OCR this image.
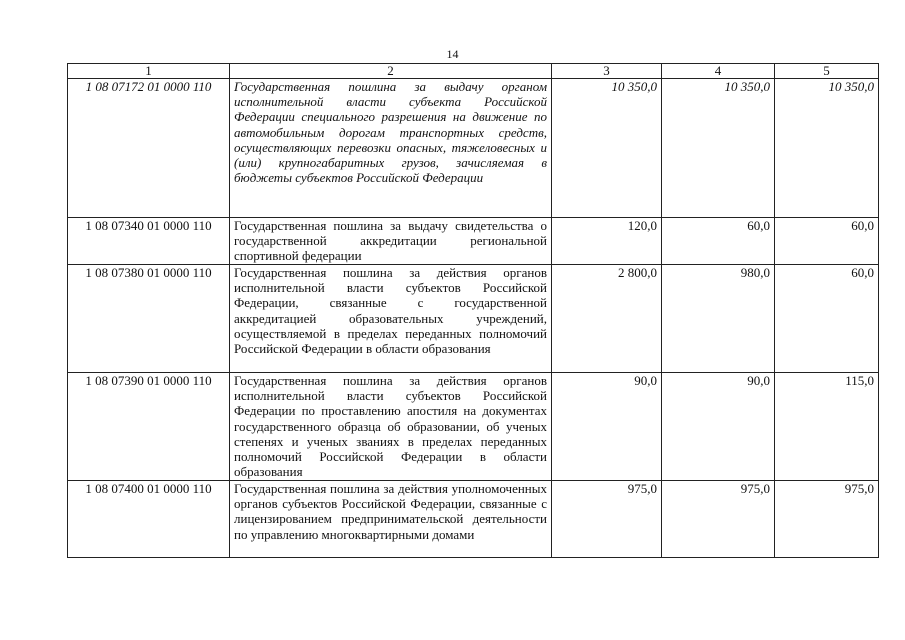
14
1	2	3	4	5
1 08 07172 01 0000 110	Государственная пошлина за выдачу органом исполнительной власти субъекта Российской Федерации специального разрешения на движение по автомобильным дорогам транспортных средств, осуществляющих перевозки опасных, тяжеловесных и (или) крупногабаритных грузов, зачисляемая в бюджеты субъектов Российской Федерации	10 350,0	10 350,0	10 350,0
1 08 07340 01 0000 110	Государственная пошлина за выдачу свидетельства о государственной аккредитации региональной спортивной федерации	120,0	60,0	60,0
1 08 07380 01 0000 110	Государственная пошлина за действия органов исполнительной власти субъектов Российской Федерации, связанные с государственной аккредитацией образовательных учреждений, осуществляемой в пределах переданных полномочий Российской Федерации в области образования	2 800,0	980,0	60,0
1 08 07390 01 0000 110	Государственная пошлина за действия органов исполнительной власти субъектов Российской Федерации по проставлению апостиля на документах государственного образца об образовании, об ученых степенях и ученых званиях в пределах переданных полномочий Российской Федерации в области образования	90,0	90,0	115,0
1 08 07400 01 0000 110	Государственная пошлина за действия уполномоченных органов субъектов Российской Федерации, связанные с лицензированием предпринимательской деятельности по управлению многоквартирными домами	975,0	975,0	975,0
